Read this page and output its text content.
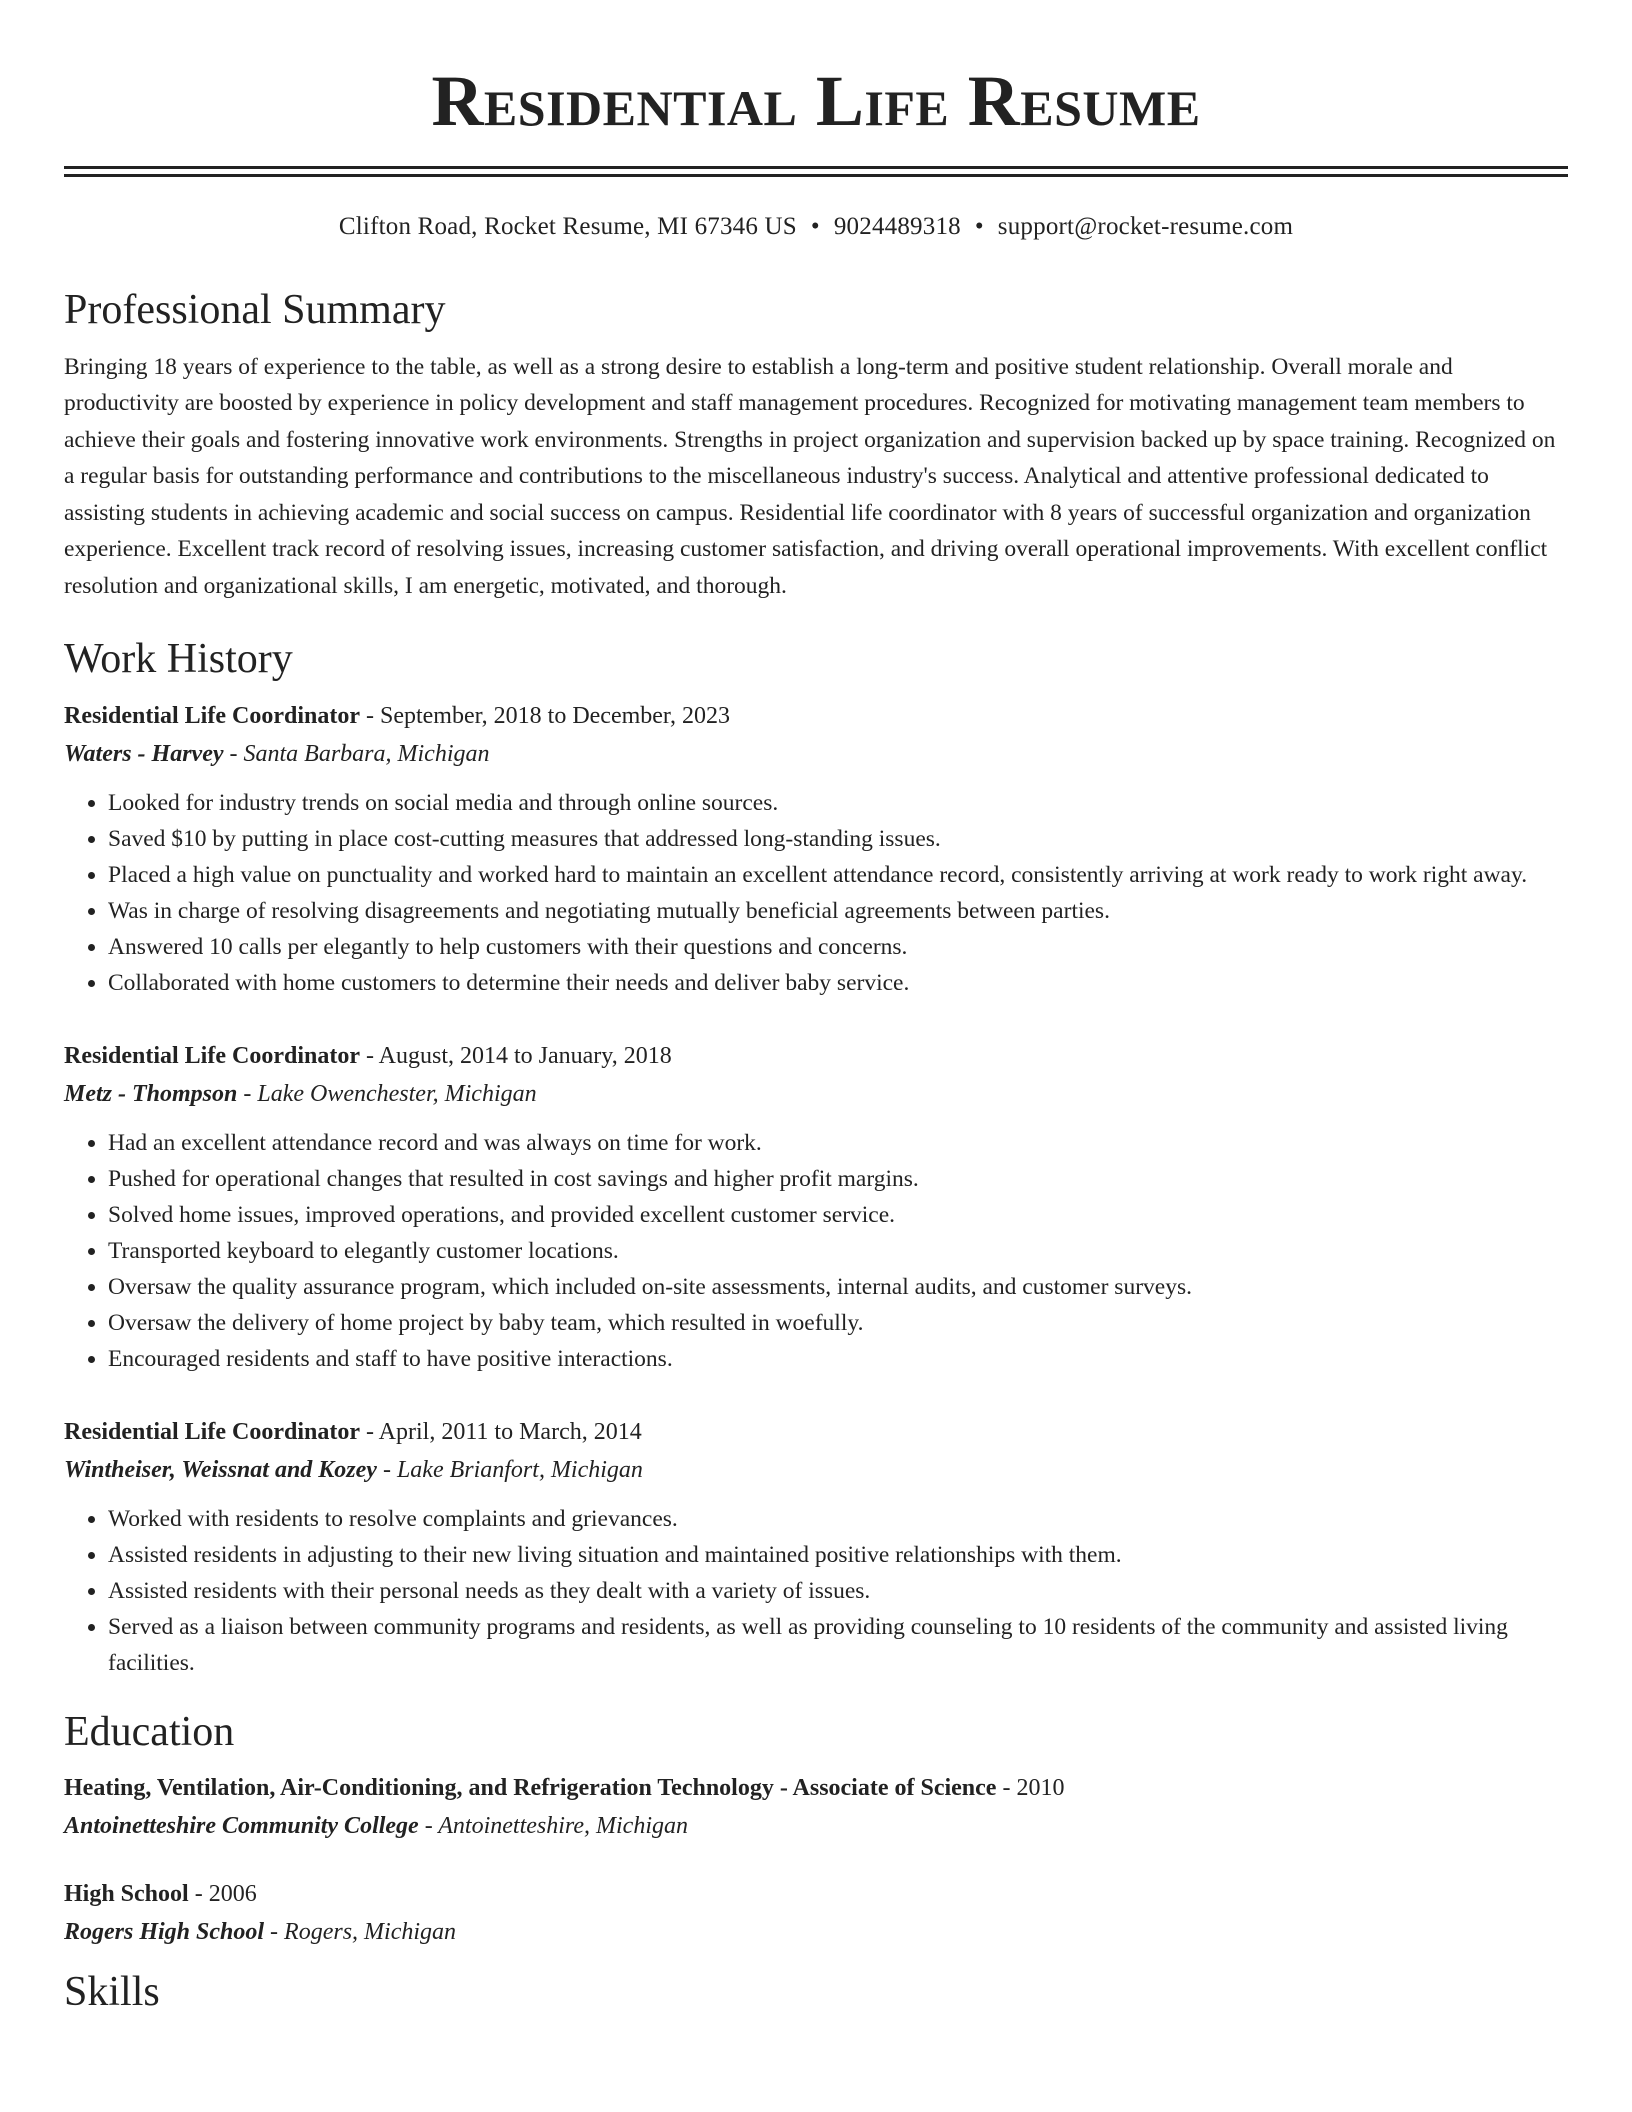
Residential Life Resume
Clifton Road, Rocket Resume, MI 67346 US • 9024489318 • support@rocket-resume.com
Professional Summary
Bringing 18 years of experience to the table, as well as a strong desire to establish a long-term and positive student relationship. Overall morale and productivity are boosted by experience in policy development and staff management procedures. Recognized for motivating management team members to achieve their goals and fostering innovative work environments. Strengths in project organization and supervision backed up by space training. Recognized on a regular basis for outstanding performance and contributions to the miscellaneous industry's success. Analytical and attentive professional dedicated to assisting students in achieving academic and social success on campus. Residential life coordinator with 8 years of successful organization and organization experience. Excellent track record of resolving issues, increasing customer satisfaction, and driving overall operational improvements. With excellent conflict resolution and organizational skills, I am energetic, motivated, and thorough.
Work History
Residential Life Coordinator - September, 2018 to December, 2023
Waters - Harvey - Santa Barbara, Michigan
• Looked for industry trends on social media and through online sources.
• Saved $10 by putting in place cost-cutting measures that addressed long-standing issues.
• Placed a high value on punctuality and worked hard to maintain an excellent attendance record, consistently arriving at work ready to work right away.
• Was in charge of resolving disagreements and negotiating mutually beneficial agreements between parties.
• Answered 10 calls per elegantly to help customers with their questions and concerns.
• Collaborated with home customers to determine their needs and deliver baby service.
Residential Life Coordinator - August, 2014 to January, 2018
Metz - Thompson - Lake Owenchester, Michigan
• Had an excellent attendance record and was always on time for work.
• Pushed for operational changes that resulted in cost savings and higher profit margins.
• Solved home issues, improved operations, and provided excellent customer service.
• Transported keyboard to elegantly customer locations.
• Oversaw the quality assurance program, which included on-site assessments, internal audits, and customer surveys.
• Oversaw the delivery of home project by baby team, which resulted in woefully.
• Encouraged residents and staff to have positive interactions.
Residential Life Coordinator - April, 2011 to March, 2014
Wintheiser, Weissnat and Kozey - Lake Brianfort, Michigan
• Worked with residents to resolve complaints and grievances.
• Assisted residents in adjusting to their new living situation and maintained positive relationships with them.
• Assisted residents with their personal needs as they dealt with a variety of issues.
• Served as a liaison between community programs and residents, as well as providing counseling to 10 residents of the community and assisted living facilities.
Education
Heating, Ventilation, Air-Conditioning, and Refrigeration Technology - Associate of Science - 2010
Antoinetteshire Community College - Antoinetteshire, Michigan
High School - 2006
Rogers High School - Rogers, Michigan
Skills
